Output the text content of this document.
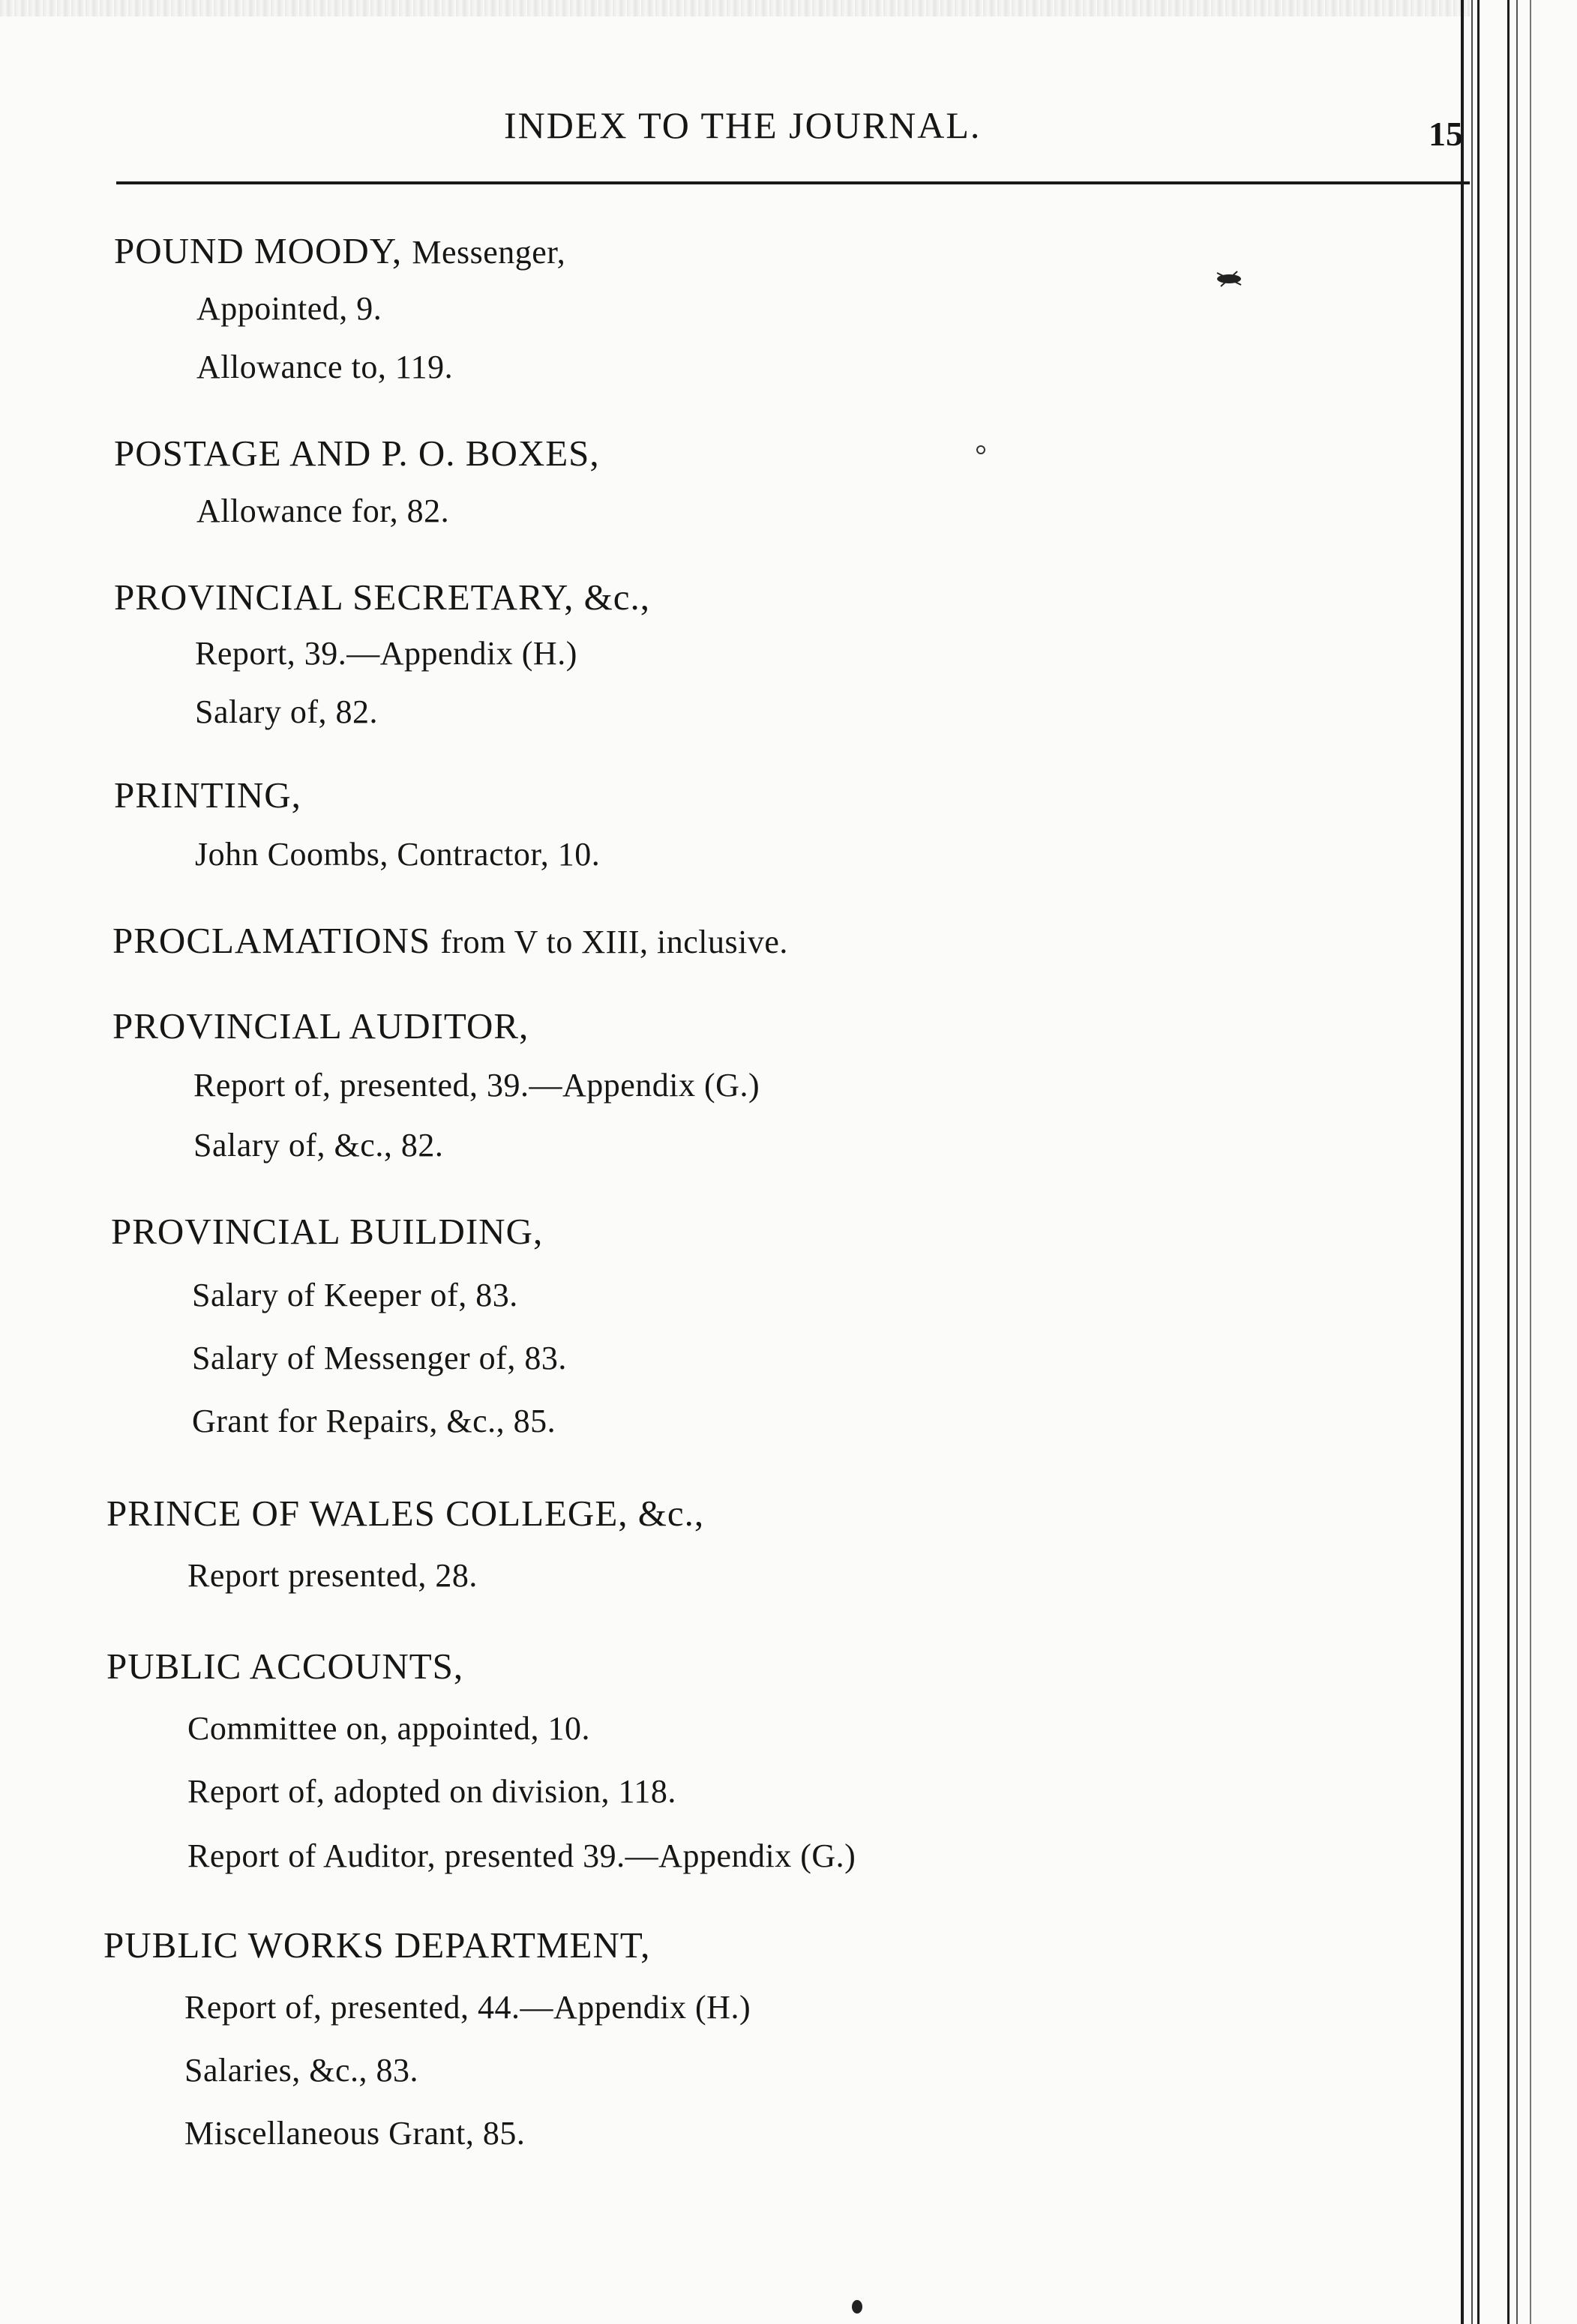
INDEX TO THE JOURNAL.	15
POUND MOODY, Messenger,
Appointed, 9.
Allowance to, 119.
POSTAGE AND P. O. BOXES,
Allowance for, 82.
PROVINCIAL SECRETARY, &c.,
Report, 39.—Appendix (H.)
Salary of, 82.
PRINTING,
John Coombs, Contractor, 10.
PROCLAMATIONS from V to XIII, inclusive.
PROVINCIAL AUDITOR,
Report of, presented, 39.—Appendix (G.)
Salary of, &c., 82.
PROVINCIAL BUILDING,
Salary of Keeper of, 83.
Salary of Messenger of, 83.
Grant for Repairs, &c., 85.
PRINCE OF WALES COLLEGE, &c.,
Report presented, 28.
PUBLIC ACCOUNTS,
Committee on, appointed, 10.
Report of, adopted on division, 118.
Report of Auditor, presented 39.—Appendix (G.)
PUBLIC WORKS DEPARTMENT,
Report of, presented, 44.—Appendix (H.)
Salaries, &c., 83.
Miscellaneous Grant, 85.
